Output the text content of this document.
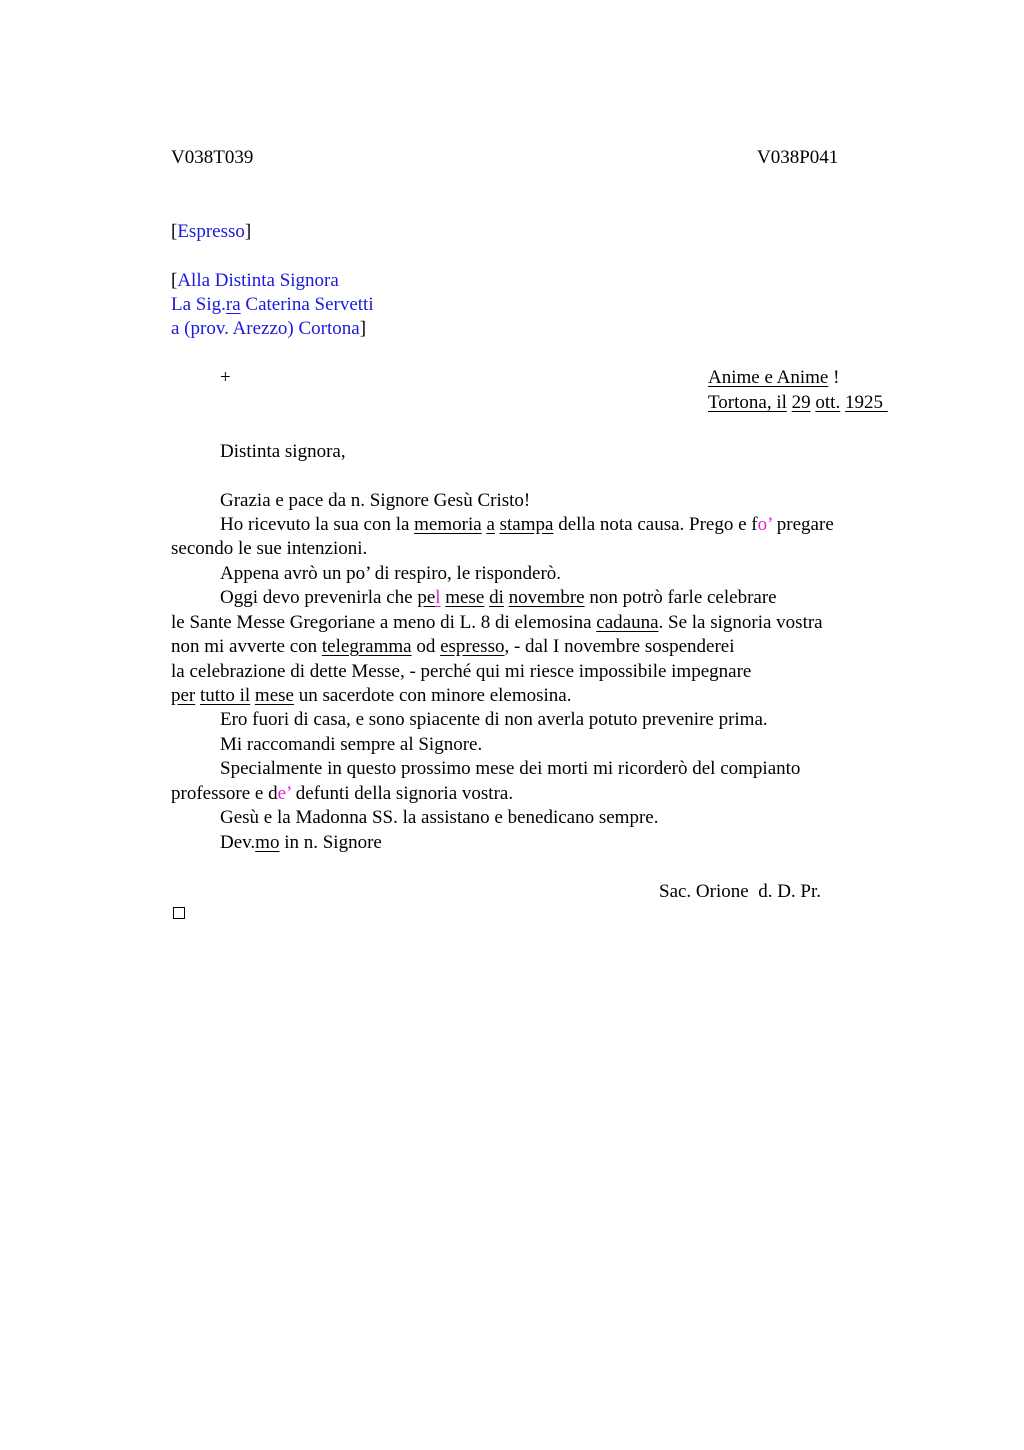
V038T039	V038P041
[Espresso]
[Alla Distinta Signora
La Sig.ra Caterina Servetti
a (prov. Arezzo) Cortona]
+	Anime e Anime !
Tortona, il 29 ott. 1925
Distinta signora,
Grazia e pace da n. Signore Gesù Cristo!
Ho ricevuto la sua con la memoria a stampa della nota causa. Prego e fo’ pregare
secondo le sue intenzioni.
Appena avrò un po’ di respiro, le risponderò.
Oggi devo prevenirla che pel mese di novembre non potrò farle celebrare
le Sante Messe Gregoriane a meno di L. 8 di elemosina cadauna. Se la signoria vostra
non mi avverte con telegramma od espresso, - dal I novembre sospenderei
la celebrazione di dette Messe, - perché qui mi riesce impossibile impegnare
per tutto il mese un sacerdote con minore elemosina.
Ero fuori di casa, e sono spiacente di non averla potuto prevenire prima.
Mi raccomandi sempre al Signore.
Specialmente in questo prossimo mese dei morti mi ricorderò del compianto
professore e de’ defunti della signoria vostra.
Gesù e la Madonna SS. la assistano e benedicano sempre.
Dev.mo in n. Signore
Sac. Orione  d. D. Pr.
